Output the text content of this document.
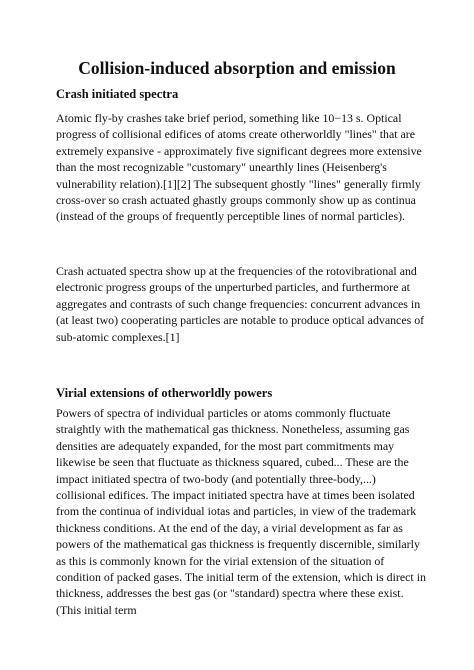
Collision-induced absorption and emission
Crash initiated spectra

Atomic fly-by crashes take brief period, something like 10−13 s. Optical progress of collisional edifices of atoms create otherworldly "lines" that are extremely expansive - approximately five significant degrees more extensive than the most recognizable "customary" unearthly lines (Heisenberg's vulnerability relation).[1][2] The subsequent ghostly "lines" generally firmly cross-over so crash actuated ghastly groups commonly show up as continua (instead of the groups of frequently perceptible lines of normal particles).

Crash actuated spectra show up at the frequencies of the rotovibrational and electronic progress groups of the unperturbed particles, and furthermore at aggregates and contrasts of such change frequencies: concurrent advances in (at least two) cooperating particles are notable to produce optical advances of sub-atomic complexes.[1]

Virial extensions of otherworldly powers

Powers of spectra of individual particles or atoms commonly fluctuate straightly with the mathematical gas thickness. Nonetheless, assuming gas densities are adequately expanded, for the most part commitments may likewise be seen that fluctuate as thickness squared, cubed... These are the impact initiated spectra of two-body (and potentially three-body,...) collisional edifices. The impact initiated spectra have at times been isolated from the continua of individual iotas and particles, in view of the trademark thickness conditions. At the end of the day, a virial development as far as powers of the mathematical gas thickness is frequently discernible, similarly as this is commonly known for the virial extension of the situation of condition of packed gases. The initial term of the extension, which is direct in thickness, addresses the best gas (or "standard) spectra where these exist. (This initial term
